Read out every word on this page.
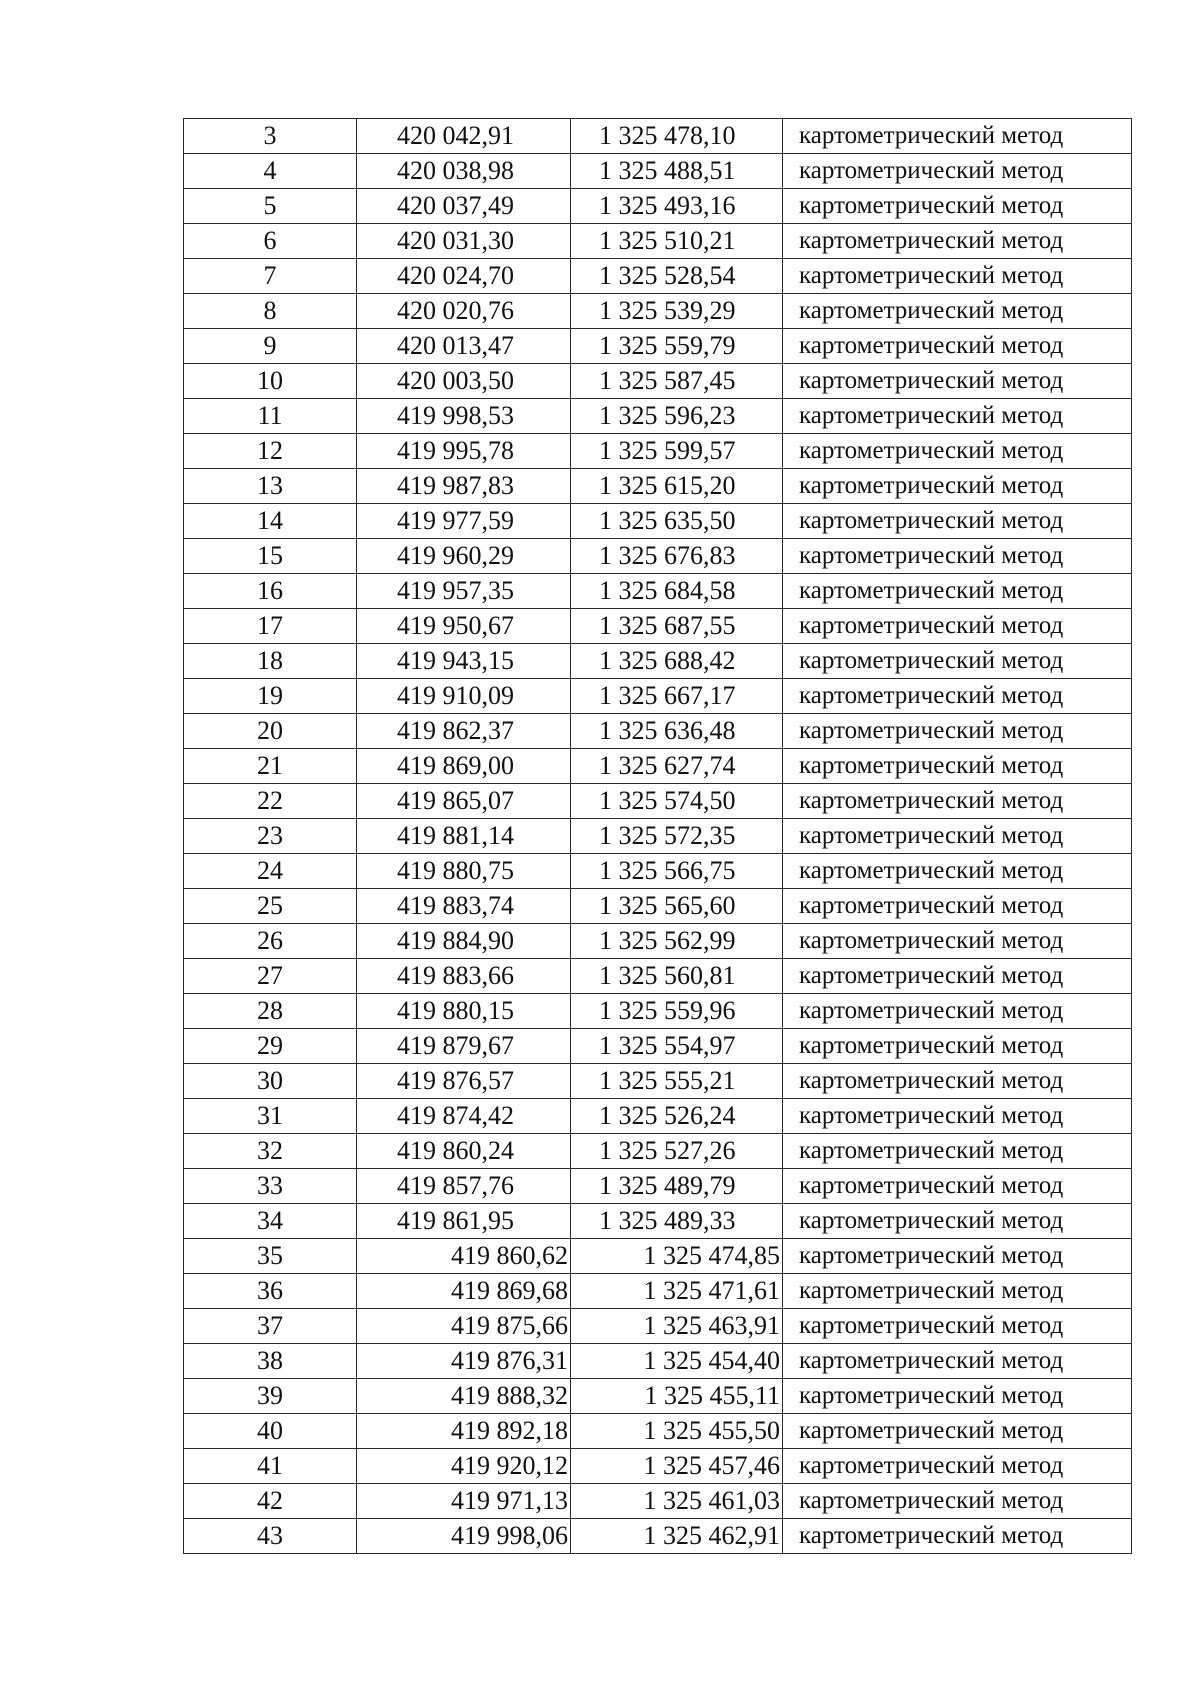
3	420 042,91	1 325 478,10	картометрический метод
4	420 038,98	1 325 488,51	картометрический метод
5	420 037,49	1 325 493,16	картометрический метод
6	420 031,30	1 325 510,21	картометрический метод
7	420 024,70	1 325 528,54	картометрический метод
8	420 020,76	1 325 539,29	картометрический метод
9	420 013,47	1 325 559,79	картометрический метод
10	420 003,50	1 325 587,45	картометрический метод
11	419 998,53	1 325 596,23	картометрический метод
12	419 995,78	1 325 599,57	картометрический метод
13	419 987,83	1 325 615,20	картометрический метод
14	419 977,59	1 325 635,50	картометрический метод
15	419 960,29	1 325 676,83	картометрический метод
16	419 957,35	1 325 684,58	картометрический метод
17	419 950,67	1 325 687,55	картометрический метод
18	419 943,15	1 325 688,42	картометрический метод
19	419 910,09	1 325 667,17	картометрический метод
20	419 862,37	1 325 636,48	картометрический метод
21	419 869,00	1 325 627,74	картометрический метод
22	419 865,07	1 325 574,50	картометрический метод
23	419 881,14	1 325 572,35	картометрический метод
24	419 880,75	1 325 566,75	картометрический метод
25	419 883,74	1 325 565,60	картометрический метод
26	419 884,90	1 325 562,99	картометрический метод
27	419 883,66	1 325 560,81	картометрический метод
28	419 880,15	1 325 559,96	картометрический метод
29	419 879,67	1 325 554,97	картометрический метод
30	419 876,57	1 325 555,21	картометрический метод
31	419 874,42	1 325 526,24	картометрический метод
32	419 860,24	1 325 527,26	картометрический метод
33	419 857,76	1 325 489,79	картометрический метод
34	419 861,95	1 325 489,33	картометрический метод
35	419 860,62	1 325 474,85	картометрический метод
36	419 869,68	1 325 471,61	картометрический метод
37	419 875,66	1 325 463,91	картометрический метод
38	419 876,31	1 325 454,40	картометрический метод
39	419 888,32	1 325 455,11	картометрический метод
40	419 892,18	1 325 455,50	картометрический метод
41	419 920,12	1 325 457,46	картометрический метод
42	419 971,13	1 325 461,03	картометрический метод
43	419 998,06	1 325 462,91	картометрический метод
